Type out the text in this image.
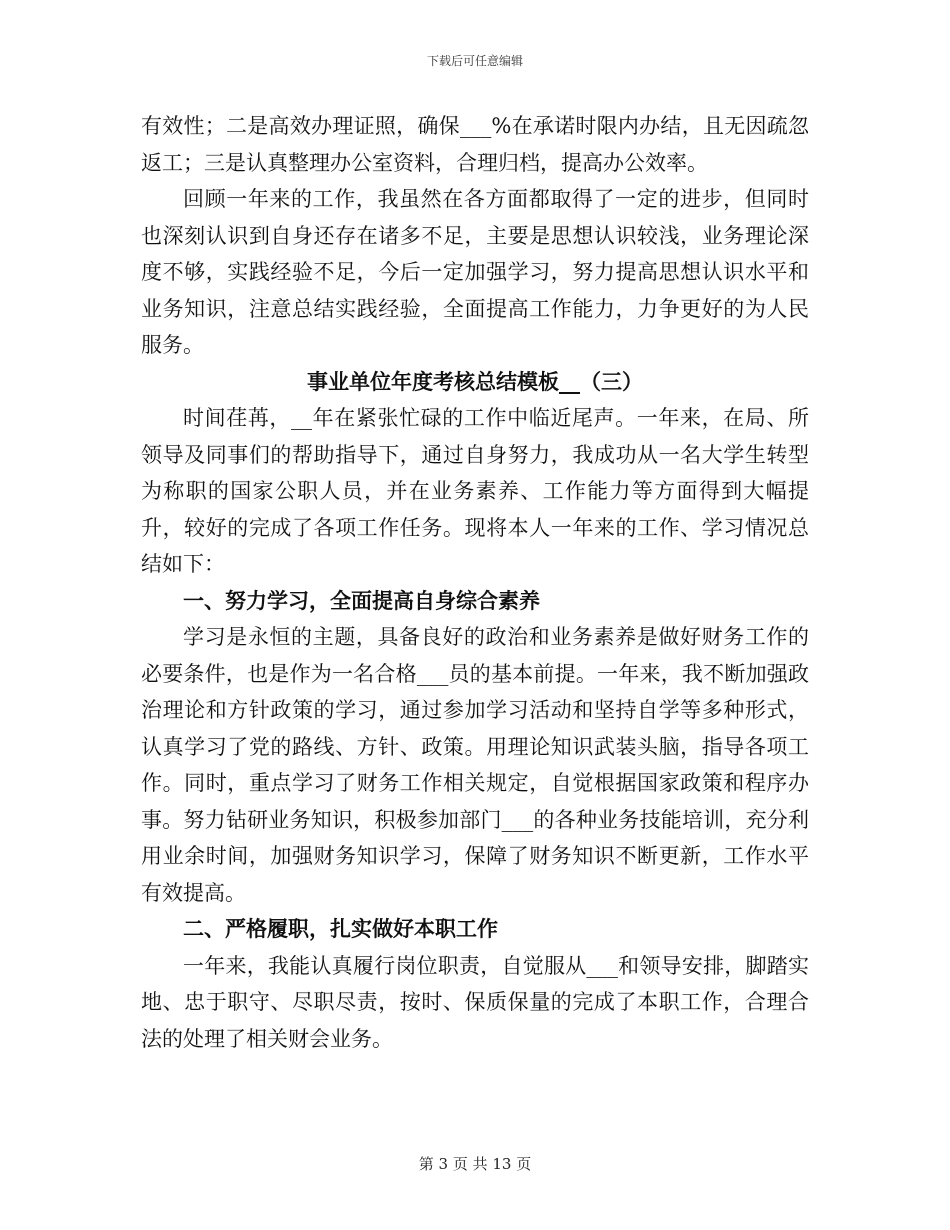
下载后可任意编辑

有效性；二是高效办理证照，确保___%在承诺时限内办结，且无因疏忽返工；三是认真整理办公室资料，合理归档，提高办公效率。

回顾一年来的工作，我虽然在各方面都取得了一定的进步，但同时也深刻认识到自身还存在诸多不足，主要是思想认识较浅，业务理论深度不够，实践经验不足，今后一定加强学习，努力提高思想认识水平和业务知识，注意总结实践经验，全面提高工作能力，力争更好的为人民服务。

事业单位年度考核总结模板__（三）

时间荏苒，__年在紧张忙碌的工作中临近尾声。一年来，在局、所领导及同事们的帮助指导下，通过自身努力，我成功从一名大学生转型为称职的国家公职人员，并在业务素养、工作能力等方面得到大幅提升，较好的完成了各项工作任务。现将本人一年来的工作、学习情况总结如下：

一、努力学习，全面提高自身综合素养

学习是永恒的主题，具备良好的政治和业务素养是做好财务工作的必要条件，也是作为一名合格___员的基本前提。一年来，我不断加强政治理论和方针政策的学习，通过参加学习活动和坚持自学等多种形式，认真学习了党的路线、方针、政策。用理论知识武装头脑，指导各项工作。同时，重点学习了财务工作相关规定，自觉根据国家政策和程序办事。努力钻研业务知识，积极参加部门___的各种业务技能培训，充分利用业余时间，加强财务知识学习，保障了财务知识不断更新，工作水平有效提高。

二、严格履职，扎实做好本职工作

一年来，我能认真履行岗位职责，自觉服从___和领导安排，脚踏实地、忠于职守、尽职尽责，按时、保质保量的完成了本职工作，合理合法的处理了相关财会业务。

第 3 页 共 13 页
